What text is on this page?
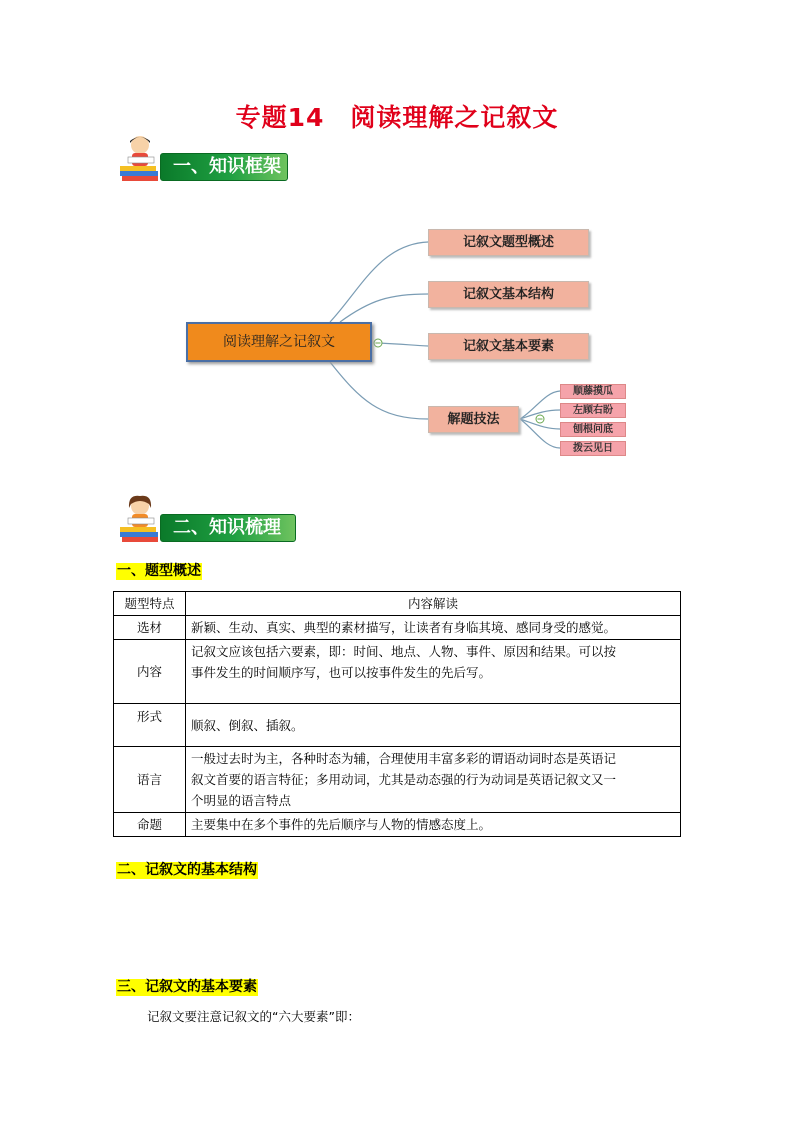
专题14　阅读理解之记叙文
一、知识框架
阅读理解之记叙文
记叙文题型概述
记叙文基本结构
记叙文基本要素
解题技法
顺藤摸瓜
左顾右盼
刨根问底
拨云见日
二、知识梳理
一、题型概述
题型特点	内容解读
选材	新颖、生动、真实、典型的素材描写，让读者有身临其境、感同身受的感觉。

内容	记叙文应该包括六要素，即：时间、地点、人物、事件、原因和结果。可以按
事件发生的时间顺序写，也可以按事件发生的先后写。

形式	顺叙、倒叙、插叙。

语言	一般过去时为主，各种时态为辅，合理使用丰富多彩的谓语动词时态是英语记
叙文首要的语言特征；多用动词，尤其是动态强的行为动词是英语记叙文又一
个明显的语言特点

命题	主要集中在多个事件的先后顺序与人物的情感态度上。
二、记叙文的基本结构
三、记叙文的基本要素
记叙文要注意记叙文的“六大要素”即：
